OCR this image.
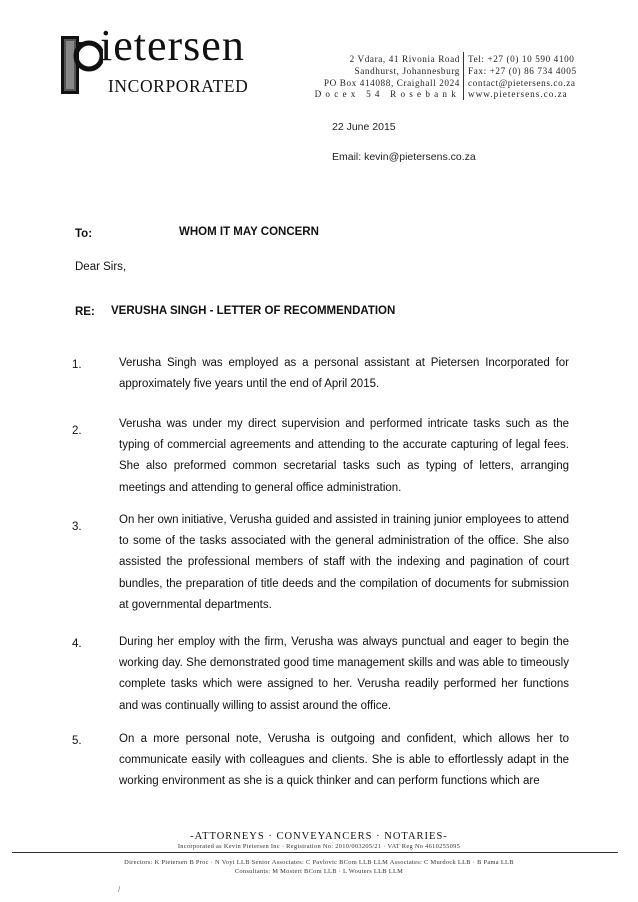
ietersen
INCORPORATED
2 Vdara, 41 Rivonia Road
Sandhurst, Johannesburg
PO Box 414088, Craighall 2024
Docex 54 Rosebank
Tel: +27 (0) 10 590 4100
Fax: +27 (0) 86 734 4005
contact@pietersens.co.za
www.pietersens.co.za
22 June 2015
Email: kevin@pietersens.co.za
To:	WHOM IT MAY CONCERN
Dear Sirs,
RE: VERUSHA SINGH - LETTER OF RECOMMENDATION
1.	Verusha Singh was employed as a personal assistant at Pietersen Incorporated for approximately five years until the end of April 2015.
2.
Verusha was under my direct supervision and performed intricate tasks such as the typing of commercial agreements and attending to the accurate capturing of legal fees. She also preformed common secretarial tasks such as typing of letters, arranging meetings and attending to general office administration.
3.
On her own initiative, Verusha guided and assisted in training junior employees to attend to some of the tasks associated with the general administration of the office. She also assisted the professional members of staff with the indexing and pagination of court bundles, the preparation of title deeds and the compilation of documents for submission at governmental departments.
4.	During her employ with the firm, Verusha was always punctual and eager to begin the working day. She demonstrated good time management skills and was able to timeously complete tasks which were assigned to her. Verusha readily performed her functions and was continually willing to assist around the office.
5.	On a more personal note, Verusha is outgoing and confident, which allows her to communicate easily with colleagues and clients. She is able to effortlessly adapt in the working environment as she is a quick thinker and can perform functions which are
-ATTORNEYS · CONVEYANCERS · NOTARIES-
Incorporated as Kevin Pietersen Inc · Registration No: 2010/003205/21 · VAT Reg No 4610255095
Directors: K Pietersen B Proc · N Voyi LLB Senior Associates: C Pavlovic BCom LLB LLM Associates: C Murdock LLB · B Pama LLB
Consultants: M Mostert BCom LLB · L Wouters LLB LLM
/
